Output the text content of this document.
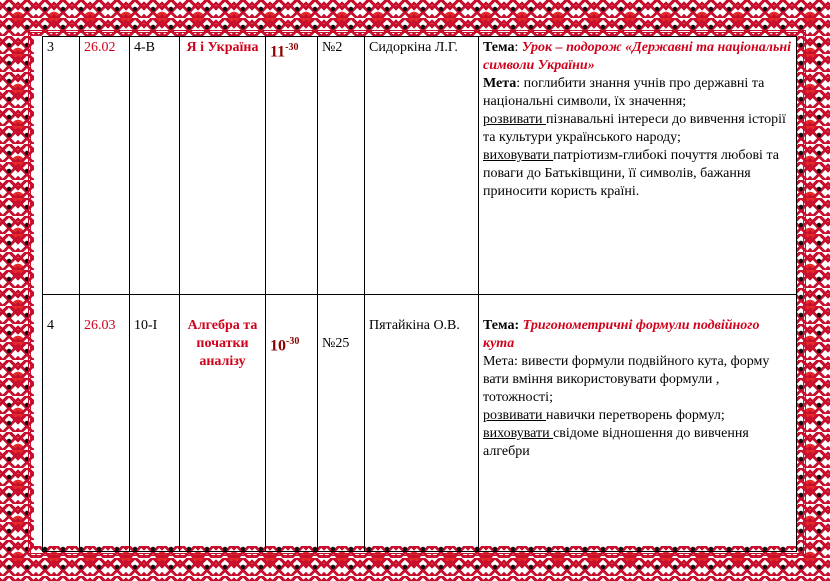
3	26.02	4-В	Я і Україна	$11^{-30}$	№2	Сидоркіна Л.Г.	Тема: Урок – подорож «Державні та національні символи України»

Мета: поглибити знання учнів про державні та національні символи, їх значення;

розвивати пізнавальні інтереси до вивчення історії та культури українського народу;

виховувати патріотизм-глибокі почуття любові та поваги до Батьківщини, її символів, бажання приносити користь країні.

4	26.03	10-І	Алгебра та початки аналізу	$10^{-30}$	№25	Пятайкіна О.В.	Тема: Тригонометричні формули подвійного кута

Мета: вивести формули подвійного кута, форму

вати вміння використовувати формули , тотожності;

розвивати навички перетворень формул;

виховувати свідоме відношення до вивчення алгебри
